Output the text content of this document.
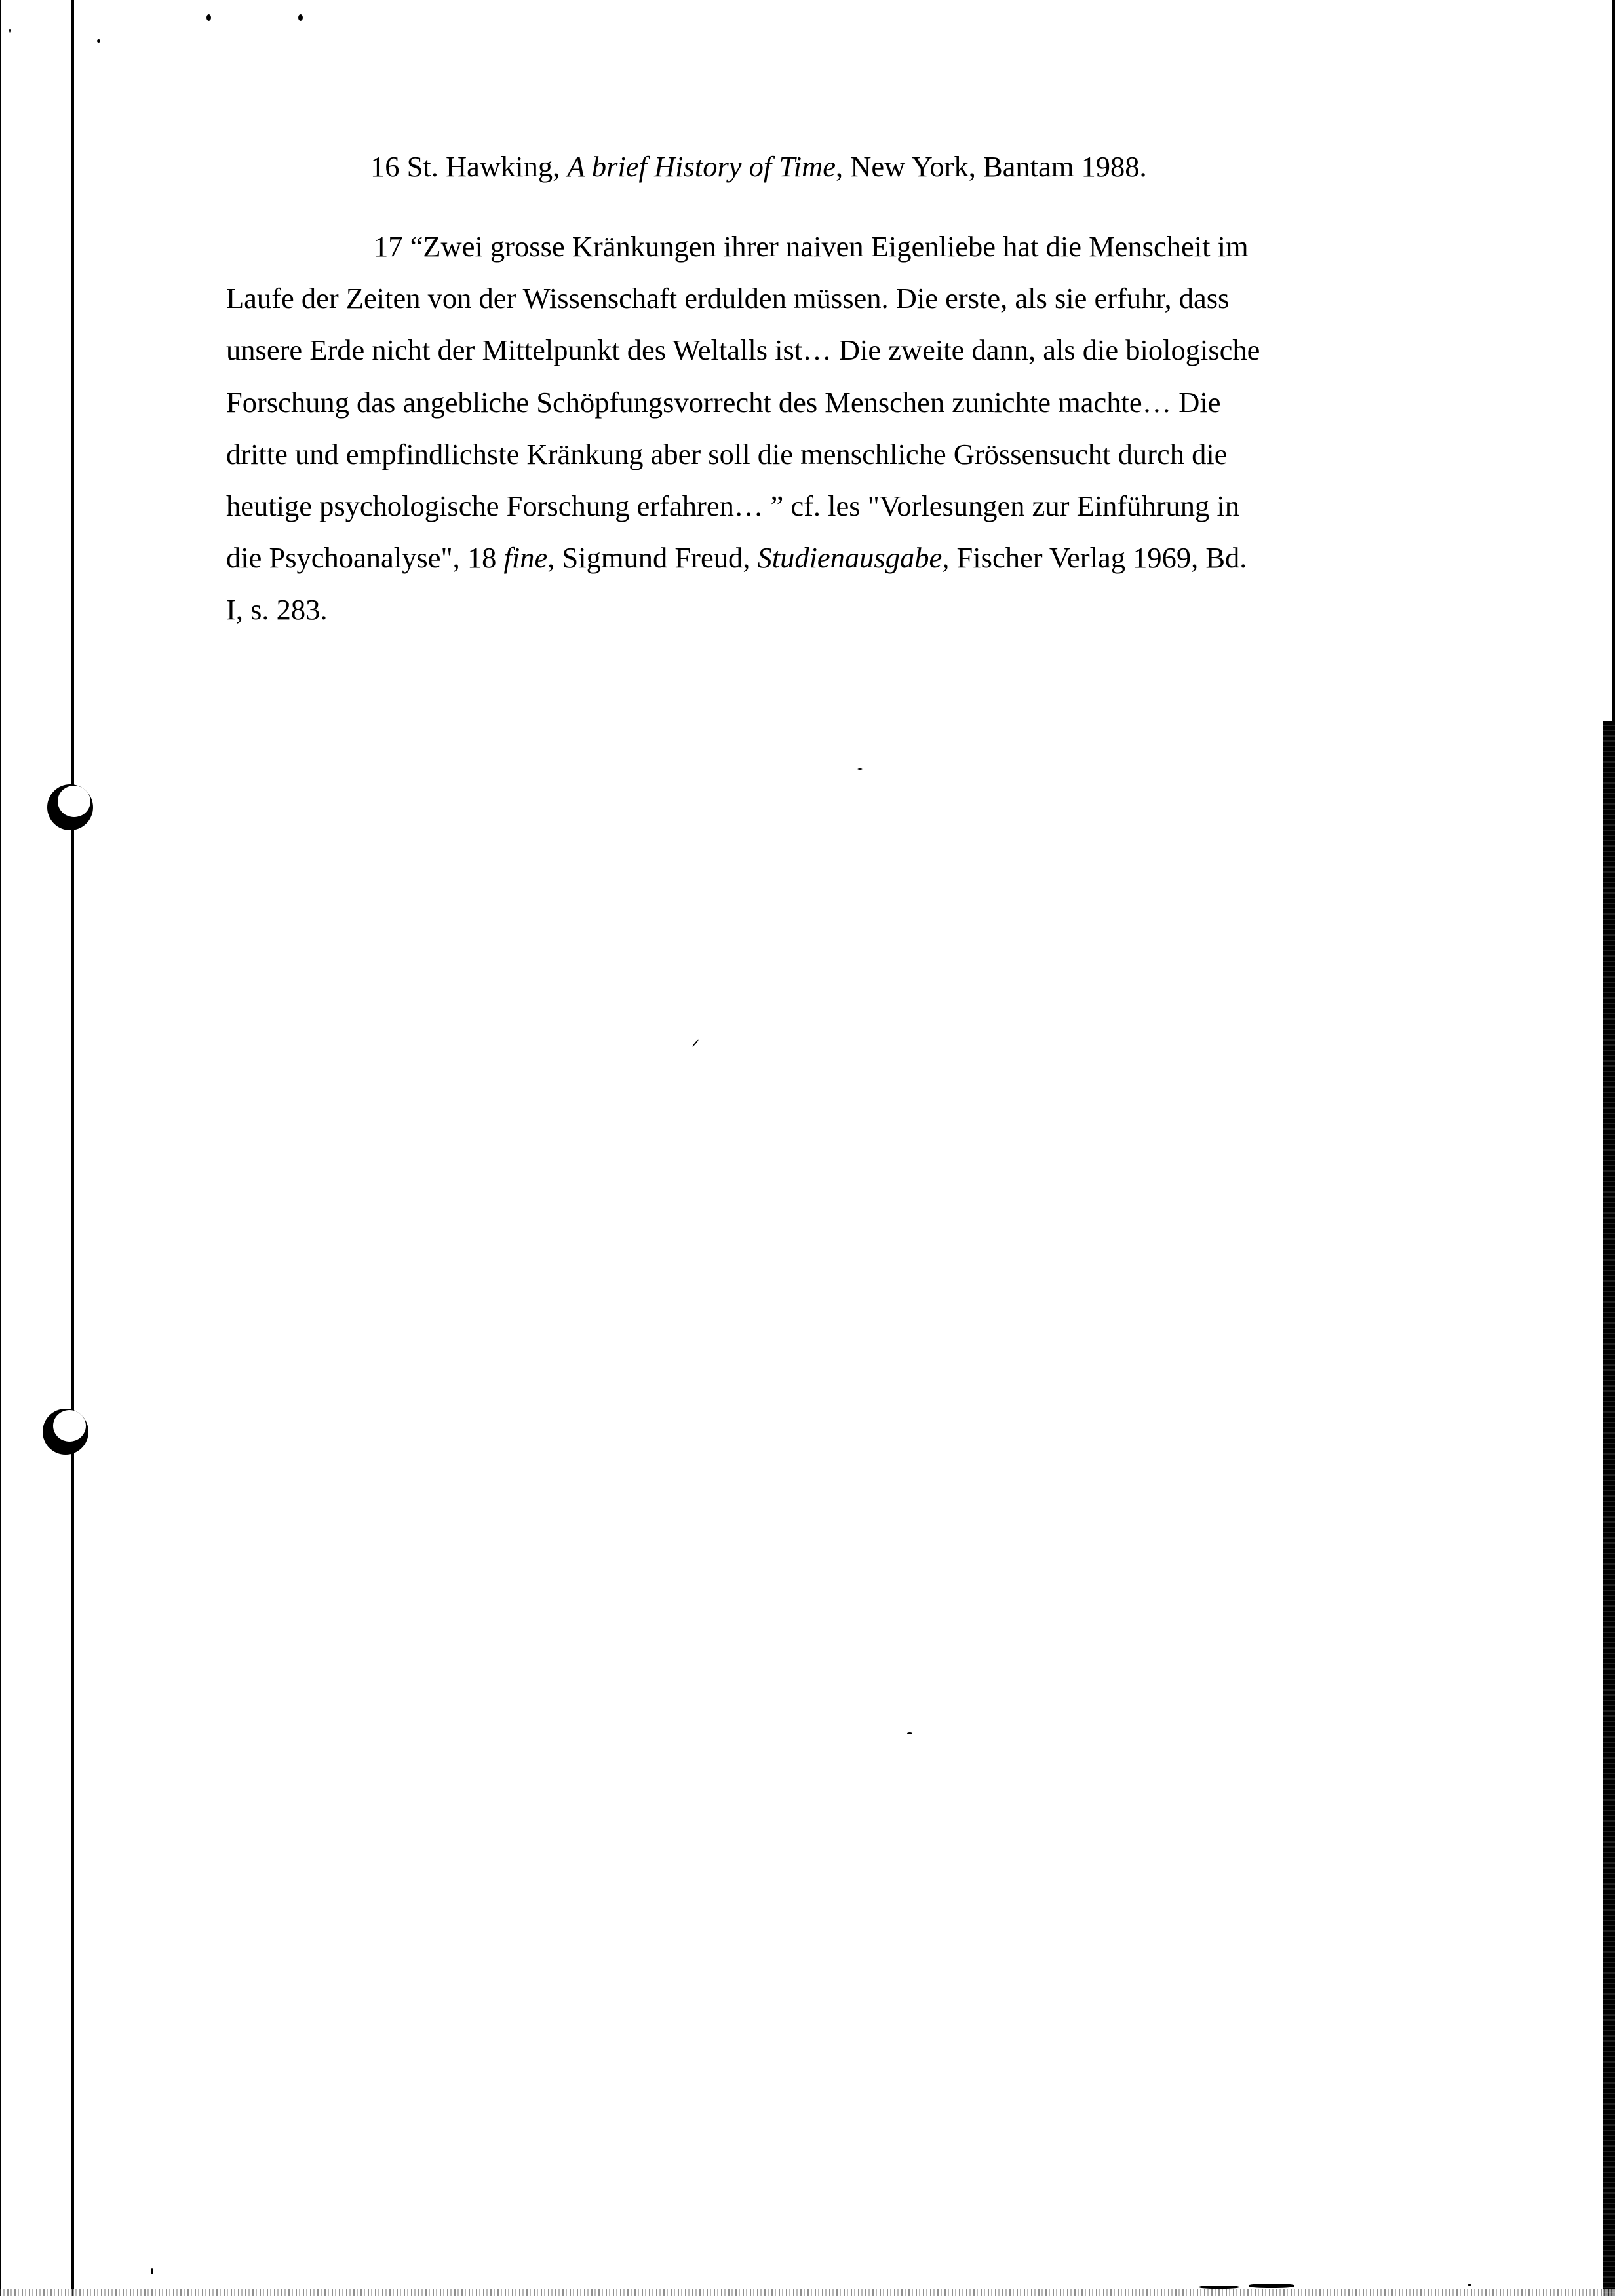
16 St. Hawking, A brief History of Time, New York, Bantam 1988.
17 “Zwei grosse Kränkungen ihrer naiven Eigenliebe hat die Menscheit im
Laufe der Zeiten von der Wissenschaft erdulden müssen. Die erste, als sie erfuhr, dass
unsere Erde nicht der Mittelpunkt des Weltalls ist… Die zweite dann, als die biologische
Forschung das angebliche Schöpfungsvorrecht des Menschen zunichte machte… Die
dritte und empfindlichste Kränkung aber soll die menschliche Grössensucht durch die
heutige psychologische Forschung erfahren… ” cf. les "Vorlesungen zur Einführung in
die Psychoanalyse", 18 fine, Sigmund Freud, Studienausgabe, Fischer Verlag 1969, Bd.
I, s. 283.
